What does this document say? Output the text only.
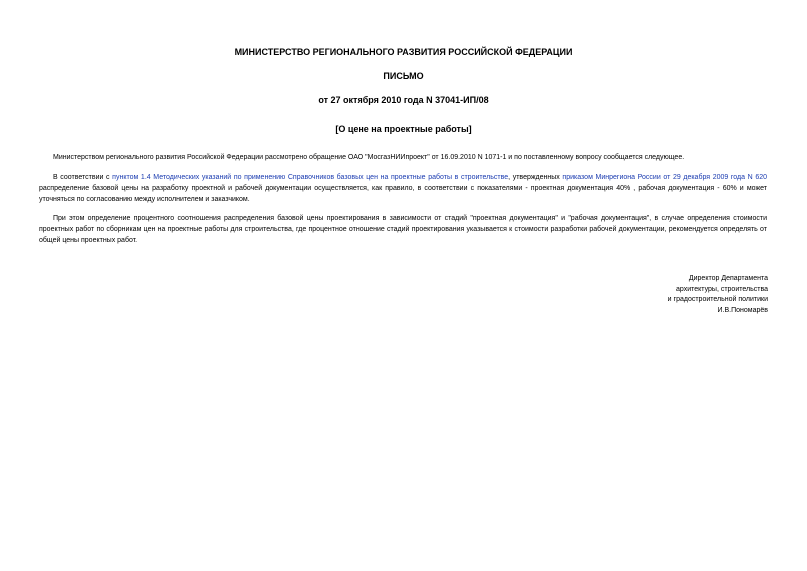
МИНИСТЕРСТВО РЕГИОНАЛЬНОГО РАЗВИТИЯ РОССИЙСКОЙ ФЕДЕРАЦИИ
ПИСЬМО
от 27 октября 2010 года N 37041-ИП/08
[О цене на проектные работы]
Министерством регионального развития Российской Федерации рассмотрено обращение ОАО "МосгазНИИпроект" от 16.09.2010 N 1071-1 и по поставленному вопросу сообщается следующее.
В соответствии с пунктом 1.4 Методических указаний по применению Справочников базовых цен на проектные работы в строительстве, утвержденных приказом Минрегиона России от 29 декабря 2009 года N 620 распределение базовой цены на разработку проектной и рабочей документации осуществляется, как правило, в соответствии с показателями - проектная документация 40% , рабочая документация - 60% и может уточняться по согласованию между исполнителем и заказчиком.
При этом определение процентного соотношения распределения базовой цены проектирования в зависимости от стадий "проектная документация" и "рабочая документация", в случае определения стоимости проектных работ по сборникам цен на проектные работы для строительства, где процентное отношение стадий проектирования указывается к стоимости разработки рабочей документации, рекомендуется определять от общей цены проектных работ.
Директор Департамента
архитектуры, строительства
и градостроительной политики
И.В.Пономарёв
